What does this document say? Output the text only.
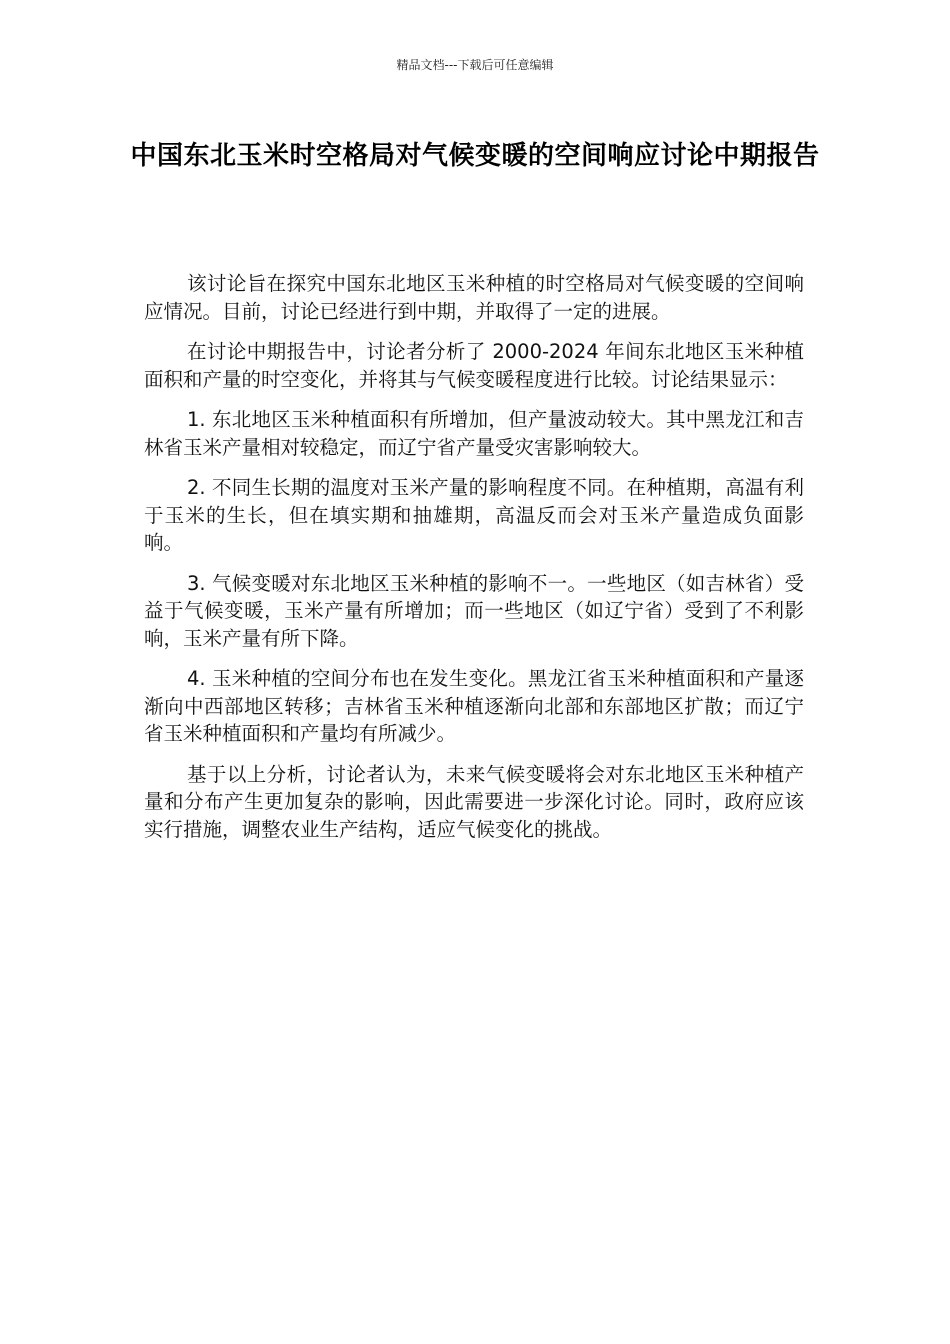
精品文档---下载后可任意编辑
中国东北玉米时空格局对气候变暖的空间响应讨论中期报告

该讨论旨在探究中国东北地区玉米种植的时空格局对气候变暖的空间响应情况。目前，讨论已经进行到中期，并取得了一定的进展。

在讨论中期报告中，讨论者分析了 2000-2024 年间东北地区玉米种植面积和产量的时空变化，并将其与气候变暖程度进行比较。讨论结果显示：

1. 东北地区玉米种植面积有所增加，但产量波动较大。其中黑龙江和吉林省玉米产量相对较稳定，而辽宁省产量受灾害影响较大。

2. 不同生长期的温度对玉米产量的影响程度不同。在种植期，高温有利于玉米的生长，但在填实期和抽雄期，高温反而会对玉米产量造成负面影响。

3. 气候变暖对东北地区玉米种植的影响不一。一些地区（如吉林省）受益于气候变暖，玉米产量有所增加；而一些地区（如辽宁省）受到了不利影响，玉米产量有所下降。

4. 玉米种植的空间分布也在发生变化。黑龙江省玉米种植面积和产量逐渐向中西部地区转移；吉林省玉米种植逐渐向北部和东部地区扩散；而辽宁省玉米种植面积和产量均有所减少。

基于以上分析，讨论者认为，未来气候变暖将会对东北地区玉米种植产量和分布产生更加复杂的影响，因此需要进一步深化讨论。同时，政府应该实行措施，调整农业生产结构，适应气候变化的挑战。
